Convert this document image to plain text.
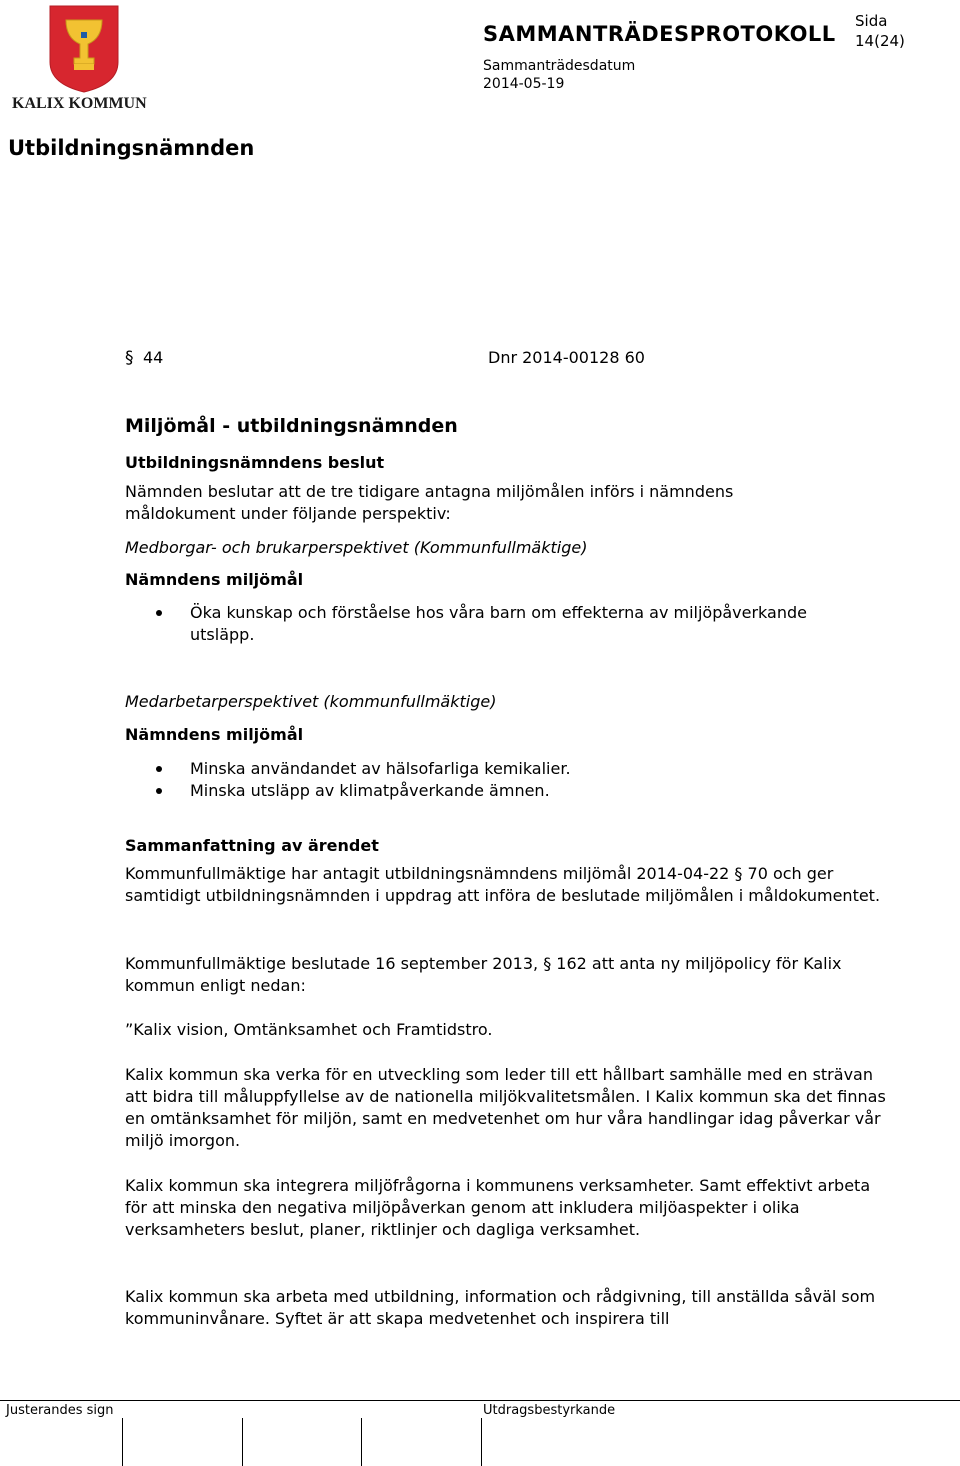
KALIX KOMMUN
SAMMANTRÄDESPROTOKOLL
Sida
14(24)
Sammanträdesdatum
2014-05-19
Utbildningsnämnden
§ 44	Dnr 2014-00128 60
Miljömål - utbildningsnämnden
Utbildningsnämndens beslut
Nämnden beslutar att de tre tidigare antagna miljömålen införs i nämndens måldokument under följande perspektiv:
Medborgar- och brukarperspektivet (Kommunfullmäktige)
Nämndens miljömål
Öka kunskap och förståelse hos våra barn om effekterna av miljöpåverkande utsläpp.
Medarbetarperspektivet (kommunfullmäktige)
Nämndens miljömål
Minska användandet av hälsofarliga kemikalier.
Minska utsläpp av klimatpåverkande ämnen.
Sammanfattning av ärendet
Kommunfullmäktige har antagit utbildningsnämndens miljömål 2014-04-22 § 70 och ger samtidigt utbildningsnämnden i uppdrag att införa de beslutade miljömålen i måldokumentet.
Kommunfullmäktige beslutade 16 september 2013, § 162 att anta ny miljöpolicy för Kalix kommun enligt nedan:
”Kalix vision, Omtänksamhet och Framtidstro.
Kalix kommun ska verka för en utveckling som leder till ett hållbart samhälle med en strävan att bidra till måluppfyllelse av de nationella miljökvalitetsmålen. I Kalix kommun ska det finnas en omtänksamhet för miljön, samt en medvetenhet om hur våra handlingar idag påverkar vår miljö imorgon.
Kalix kommun ska integrera miljöfrågorna i kommunens verksamheter. Samt effektivt arbeta för att minska den negativa miljöpåverkan genom att inkludera miljöaspekter i olika verksamheters beslut, planer, riktlinjer och dagliga verksamhet.
Kalix kommun ska arbeta med utbildning, information och rådgivning, till anställda såväl som kommuninvånare. Syftet är att skapa medvetenhet och inspirera till
Justerandes sign	Utdragsbestyrkande
